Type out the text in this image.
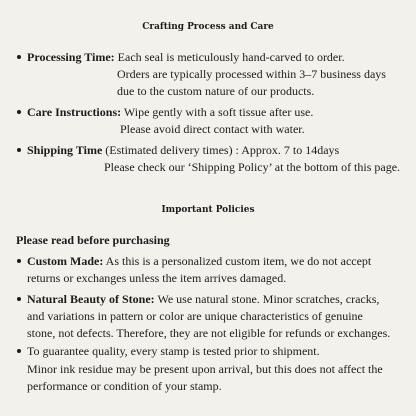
Crafting Process and Care
Processing Time: Each seal is meticulously hand-carved to order.
Orders are typically processed within 3–7 business days
due to the custom nature of our products.
Care Instructions: Wipe gently with a soft tissue after use.
Please avoid direct contact with water.
Shipping Time (Estimated delivery times) : Approx. 7 to 14days
Please check our ‘Shipping Policy’ at the bottom of this page.
Important Policies
Please read before purchasing
Custom Made: As this is a personalized custom item, we do not accept
returns or exchanges unless the item arrives damaged.
Natural Beauty of Stone: We use natural stone. Minor scratches, cracks,
and variations in pattern or color are unique characteristics of genuine
stone, not defects. Therefore, they are not eligible for refunds or exchanges.
To guarantee quality, every stamp is tested prior to shipment.
Minor ink residue may be present upon arrival, but this does not affect the
performance or condition of your stamp.
